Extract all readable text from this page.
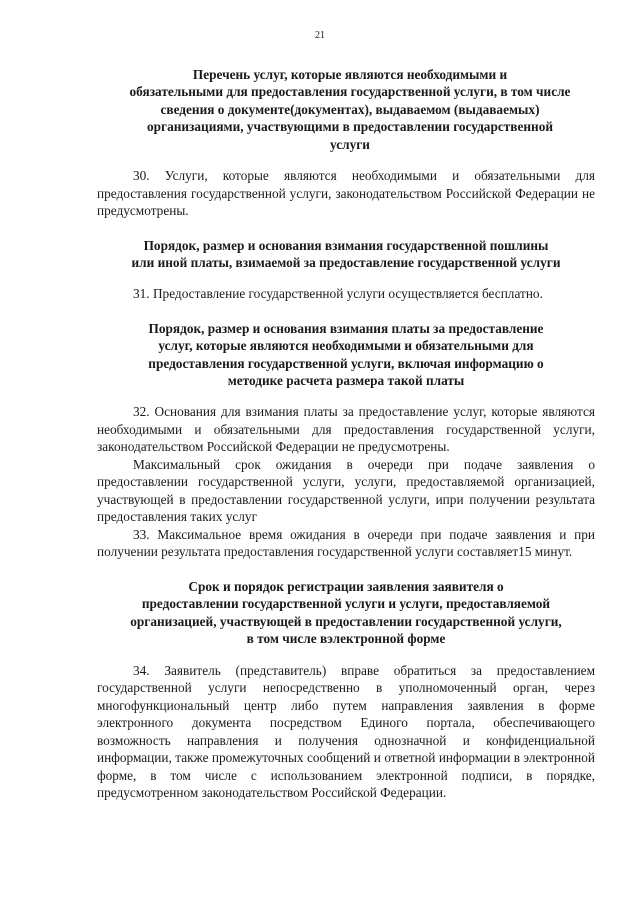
21
Перечень услуг, которые являются необходимыми и
обязательными для предоставления государственной услуги, в том числе
сведения о документе(документах), выдаваемом (выдаваемых)
организациями, участвующими в предоставлении государственной
услуги

30. Услуги, которые являются необходимыми и обязательными для предоставления государственной услуги, законодательством Российской Федерации не предусмотрены.

Порядок, размер и основания взимания государственной пошлины
или иной платы, взимаемой за предоставление государственной услуги

31. Предоставление государственной услуги осуществляется бесплатно.

Порядок, размер и основания взимания платы за предоставление
услуг, которые являются необходимыми и обязательными для
предоставления государственной услуги, включая информацию о
методике расчета размера такой платы

32. Основания для взимания платы за предоставление услуг, которые являются необходимыми и обязательными для предоставления государственной услуги, законодательством Российской Федерации не предусмотрены.

Максимальный срок ожидания в очереди при подаче заявления о предоставлении государственной услуги, услуги, предоставляемой организацией, участвующей в предоставлении государственной услуги, ипри получении результата предоставления таких услуг

33. Максимальное время ожидания в очереди при подаче заявления и при получении результата предоставления государственной услуги составляет15 минут.

Срок и порядок регистрации заявления заявителя о
предоставлении государственной услуги и услуги, предоставляемой
организацией, участвующей в предоставлении государственной услуги,
в том числе вэлектронной форме

34. Заявитель (представитель) вправе обратиться за предоставлением государственной услуги непосредственно в уполномоченный орган, через многофункциональный центр либо путем направления заявления в форме электронного документа посредством Единого портала, обеспечивающего возможность направления и получения однозначной и конфиденциальной информации, также промежуточных сообщений и ответной информации в электронной форме, в том числе с использованием электронной подписи, в порядке, предусмотренном законодательством Российской Федерации.
